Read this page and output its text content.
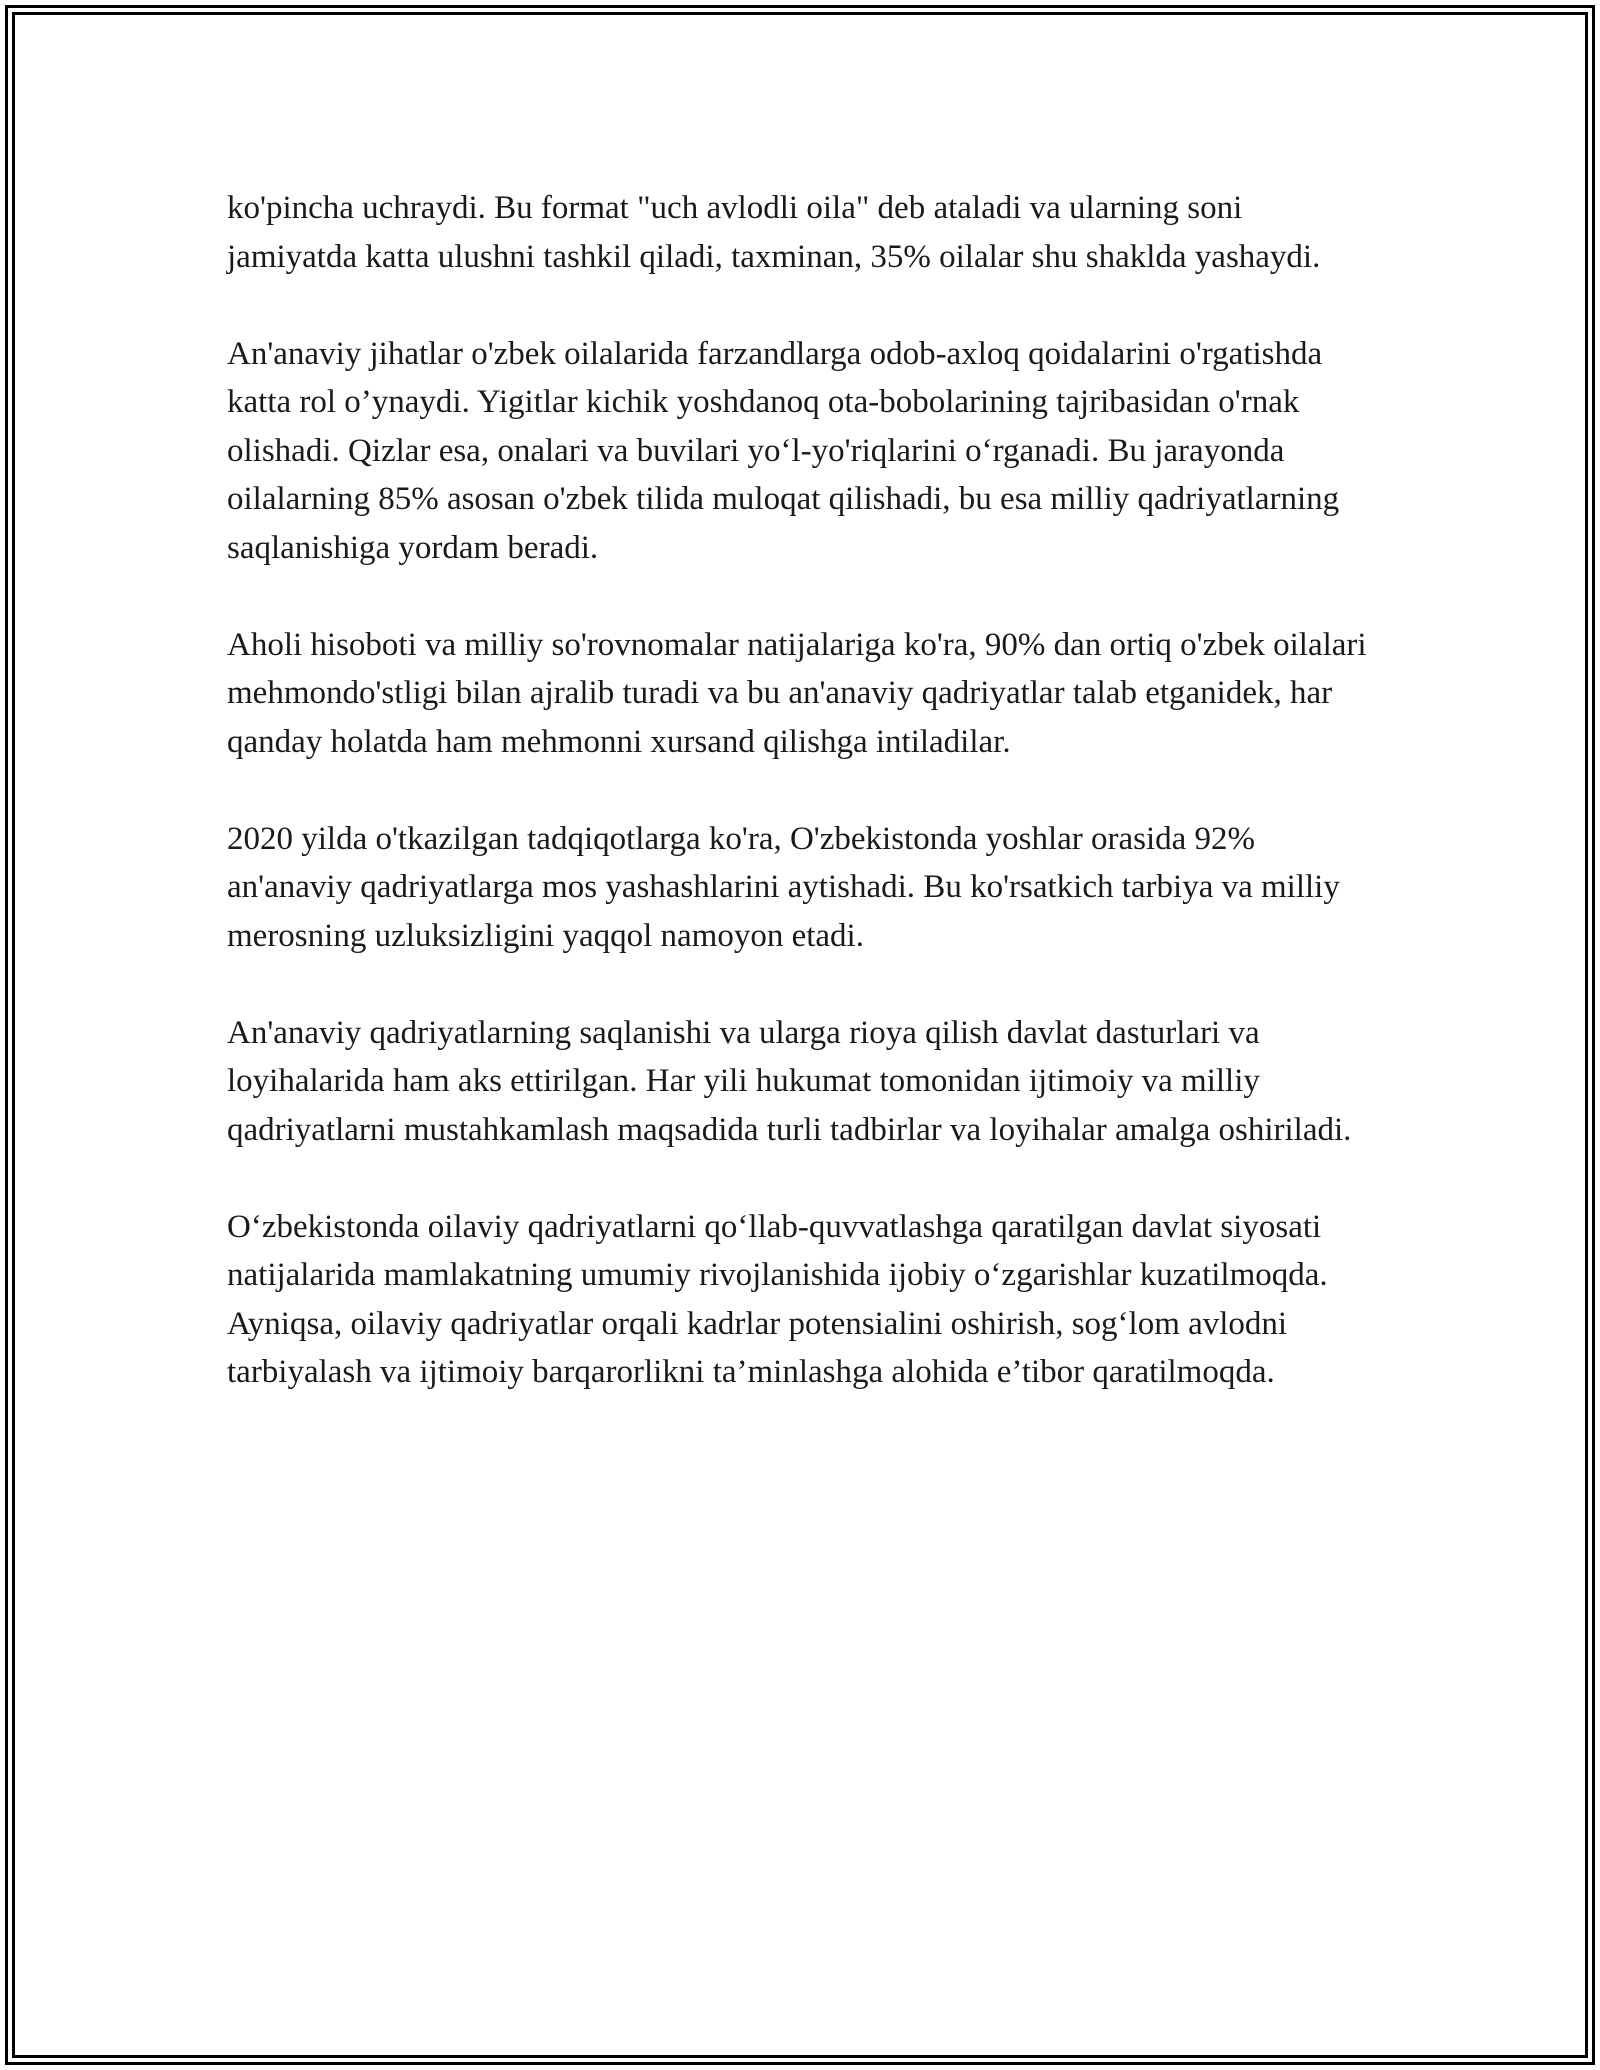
ko'pincha uchraydi. Bu format "uch avlodli oila" deb ataladi va ularning soni jamiyatda katta ulushni tashkil qiladi, taxminan, 35% oilalar shu shaklda yashaydi.

An'anaviy jihatlar o'zbek oilalarida farzandlarga odob-axloq qoidalarini o'rgatishda katta rol o’ynaydi. Yigitlar kichik yoshdanoq ota-bobolarining tajribasidan o'rnak olishadi. Qizlar esa, onalari va buvilari yoʻl-yo'riqlarini oʻrganadi. Bu jarayonda oilalarning 85% asosan o'zbek tilida muloqat qilishadi, bu esa milliy qadriyatlarning saqlanishiga yordam beradi.

Aholi hisoboti va milliy so'rovnomalar natijalariga ko'ra, 90% dan ortiq o'zbek oilalari mehmondo'stligi bilan ajralib turadi va bu an'anaviy qadriyatlar talab etganidek, har qanday holatda ham mehmonni xursand qilishga intiladilar.

2020 yilda o'tkazilgan tadqiqotlarga ko'ra, O'zbekistonda yoshlar orasida 92% an'anaviy qadriyatlarga mos yashashlarini aytishadi. Bu ko'rsatkich tarbiya va milliy merosning uzluksizligini yaqqol namoyon etadi.

An'anaviy qadriyatlarning saqlanishi va ularga rioya qilish davlat dasturlari va loyihalarida ham aks ettirilgan. Har yili hukumat tomonidan ijtimoiy va milliy qadriyatlarni mustahkamlash maqsadida turli tadbirlar va loyihalar amalga oshiriladi.

Oʻzbekistonda oilaviy qadriyatlarni qoʻllab-quvvatlashga qaratilgan davlat siyosati natijalarida mamlakatning umumiy rivojlanishida ijobiy oʻzgarishlar kuzatilmoqda. Ayniqsa, oilaviy qadriyatlar orqali kadrlar potensialini oshirish, sogʻlom avlodni tarbiyalash va ijtimoiy barqarorlikni ta’minlashga alohida e’tibor qaratilmoqda.
